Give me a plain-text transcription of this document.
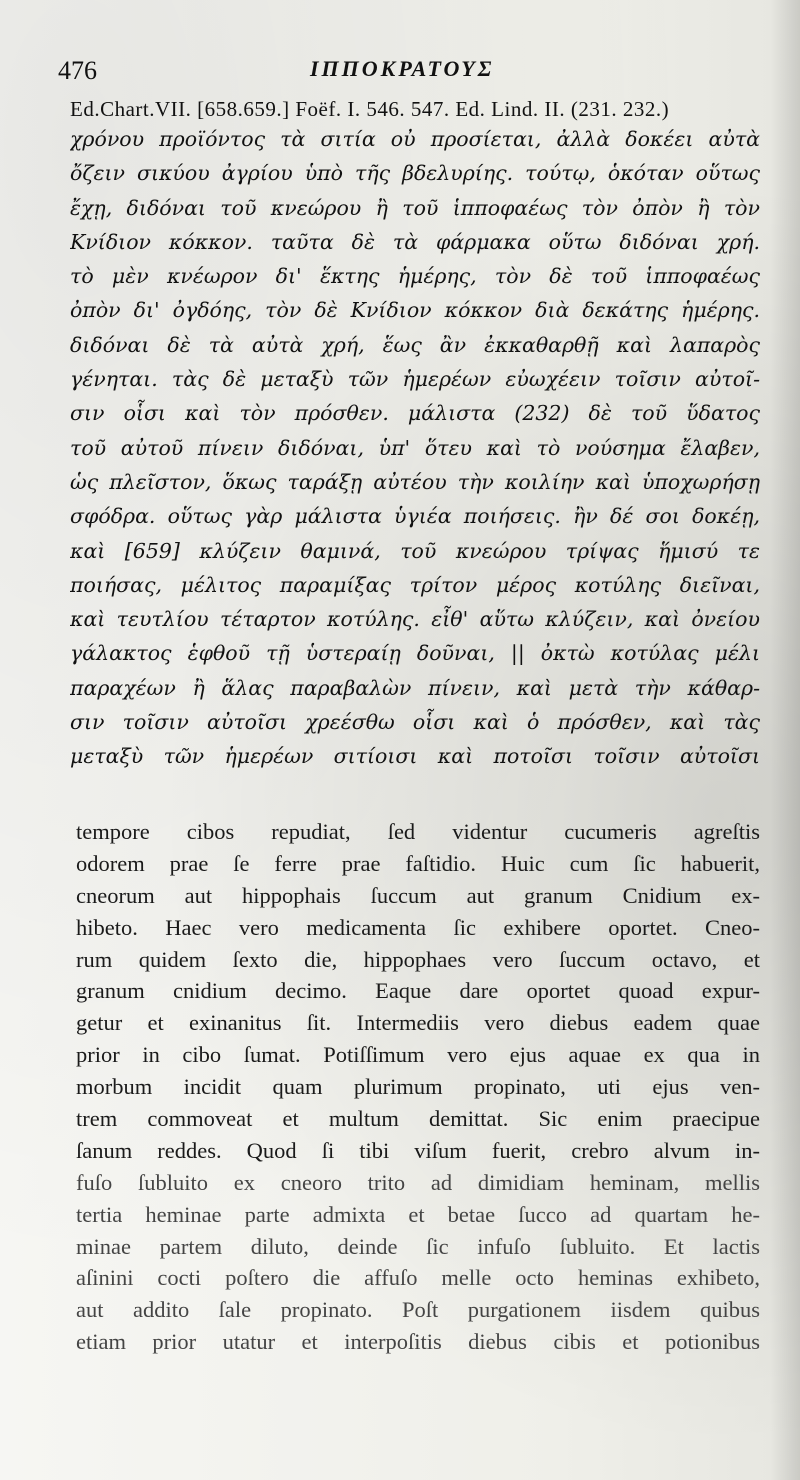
476	ΙΠΠΟΚΡΑΤΟΥΣ
Ed.Chart.VII. [658.659.] Foëf. I. 546. 547. Ed. Lind. II. (231. 232.)
χρόνου προϊόντος τὰ σιτία οὐ προσίεται, ἀλλὰ δοκέει αὐτὰ
ὄζειν σικύου ἀγρίου ὑπὸ τῆς βδελυρίης. τούτῳ, ὁκόταν οὕτως
ἔχῃ, διδόναι τοῦ κνεώρου ἢ τοῦ ἱπποφαέως τὸν ὀπὸν ἢ τὸν
Κνίδιον κόκκον. ταῦτα δὲ τὰ φάρμακα οὕτω διδόναι χρή.
τὸ μὲν κνέωρον δι' ἕκτης ἡμέρης, τὸν δὲ τοῦ ἱπποφαέως
ὀπὸν δι' ὀγδόης, τὸν δὲ Κνίδιον κόκκον διὰ δεκάτης ἡμέρης.
διδόναι δὲ τὰ αὐτὰ χρή, ἕως ἂν ἐκκαθαρθῇ καὶ λαπαρὸς
γένηται. τὰς δὲ μεταξὺ τῶν ἡμερέων εὐωχέειν τοῖσιν αὐτοῖ-
σιν οἷσι καὶ τὸν πρόσθεν. μάλιστα (232) δὲ τοῦ ὕδατος
τοῦ αὐτοῦ πίνειν διδόναι, ὑπ' ὅτευ καὶ τὸ νούσημα ἔλαβεν,
ὡς πλεῖστον, ὅκως ταράξῃ αὐτέου τὴν κοιλίην καὶ ὑποχωρήσῃ
σφόδρα. οὕτως γὰρ μάλιστα ὑγιέα ποιήσεις. ἢν δέ σοι δοκέῃ,
καὶ [659] κλύζειν θαμινά, τοῦ κνεώρου τρίψας ἥμισύ τε
ποιήσας, μέλιτος παραμίξας τρίτον μέρος κοτύλης διεῖναι,
καὶ τευτλίου τέταρτον κοτύλης. εἶθ' αὕτω κλύζειν, καὶ ὀνείου
γάλακτος ἑφθοῦ τῇ ὑστεραίῃ δοῦναι, || ὀκτὼ κοτύλας μέλι
παραχέων ἢ ἅλας παραβαλὼν πίνειν, καὶ μετὰ τὴν κάθαρ-
σιν τοῖσιν αὐτοῖσι χρεέσθω οἷσι καὶ ὁ πρόσθεν, καὶ τὰς
μεταξὺ τῶν ἡμερέων σιτίοισι καὶ ποτοῖσι τοῖσιν αὐτοῖσι
tempore cibos repudiat, ſed videntur cucumeris agreſtis
odorem prae ſe ferre prae faſtidio. Huic cum ſic habuerit,
cneorum aut hippophais ſuccum aut granum Cnidium ex-
hibeto. Haec vero medicamenta ſic exhibere oportet. Cneo-
rum quidem ſexto die, hippophaes vero ſuccum octavo, et
granum cnidium decimo. Eaque dare oportet quoad expur-
getur et exinanitus ſit. Intermediis vero diebus eadem quae
prior in cibo ſumat. Potiſſimum vero ejus aquae ex qua in
morbum incidit quam plurimum propinato, uti ejus ven-
trem commoveat et multum demittat. Sic enim praecipue
ſanum reddes. Quod ſi tibi viſum fuerit, crebro alvum in-
fuſo ſubluito ex cneoro trito ad dimidiam heminam, mellis
tertia heminae parte admixta et betae ſucco ad quartam he-
minae partem diluto, deinde ſic infuſo ſubluito. Et lactis
aſinini cocti poſtero die affuſo melle octo heminas exhibeto,
aut addito ſale propinato. Poſt purgationem iisdem quibus
etiam prior utatur et interpoſitis diebus cibis et potionibus
